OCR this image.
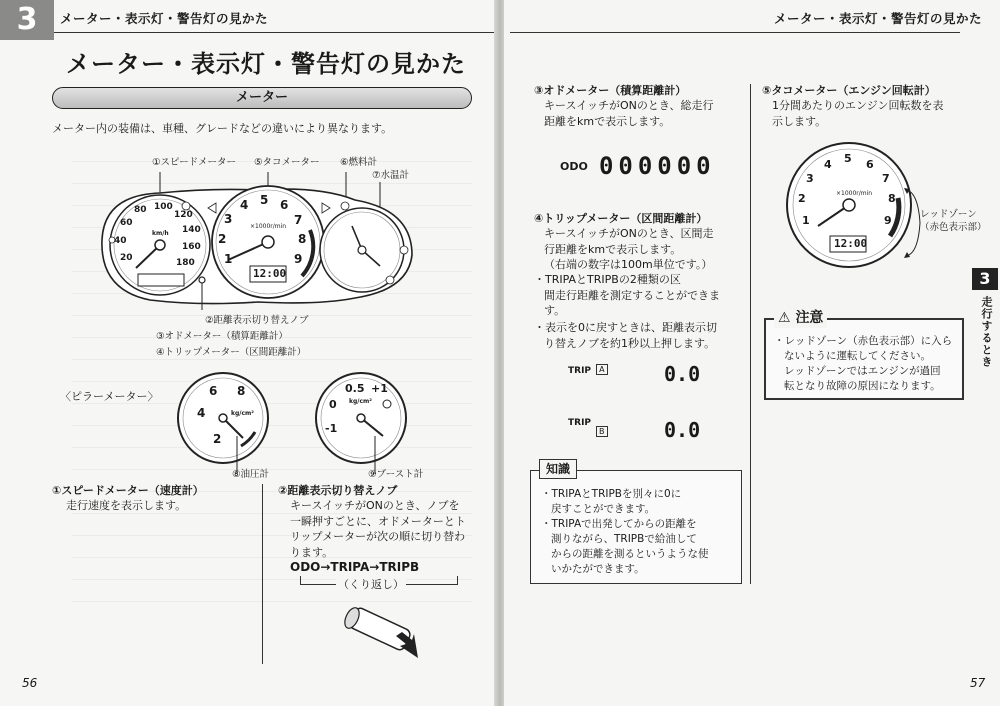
3	メーター・表示灯・警告灯の見かた
メーター・表示灯・警告灯の見かた
メーター
メーター内の装備は、車種、グレードなどの違いにより異なります。
①スピードメーター ⑤タコメーター ⑥燃料計
⑦水温計
20
40
60
80 100
120
140
160
180
km/h
1
2
3
4 5 6
7
8
9
×1000r/min
12:00
②距離表示切り替えノブ
③オドメーター（積算距離計）
④トリップメーター（区間距離計）
〈ピラーメーター〉
2
4
6 8
kg/cm²
⑧油圧計
-1
0
0.5 +1
kg/cm²
⑨ブースト計
①スピードメーター（速度計）
走行速度を表示します。
②距離表示切り替えノブ
キースイッチがONのとき、ノブを
一瞬押すごとに、オドメーターとト
リップメーターが次の順に切り替わ
ります。
ODO→TRIPA→TRIPB
（くり返し）
56
メーター・表示灯・警告灯の見かた
③オドメーター（積算距離計）
キースイッチがONのとき、総走行
距離をkmで表示します。
$^{ODO}$ 000000
④トリップメーター（区間距離計）
キースイッチがONのとき、区間走
行距離をkmで表示します。
（右端の数字は100m単位です。）
・TRIPAとTRIPBの2種類の区
間走行距離を測定することができま
す。
・表示を0に戻すときは、距離表示切
り替えノブを約1秒以上押します。
TRIP A	0.0
TRIP
B	0.0
知識
・TRIPAとTRIPBを別々に0に
戻すことができます。
・TRIPAで出発してからの距離を
測りながら、TRIPBで給油して
からの距離を測るというような使
いかたができます。
⑤タコメーター（エンジン回転計）
1分間あたりのエンジン回転数を表
示します。
1
2
3
4 5 6
7
8
9
×1000r/min
12:00
レッドゾーン
（赤色表示部）
⚠ 注意
・レッドゾーン（赤色表示部）に入ら
ないように運転してください。
レッドゾーンではエンジンが過回
転となり故障の原因になります。
3
走行するとき
57
